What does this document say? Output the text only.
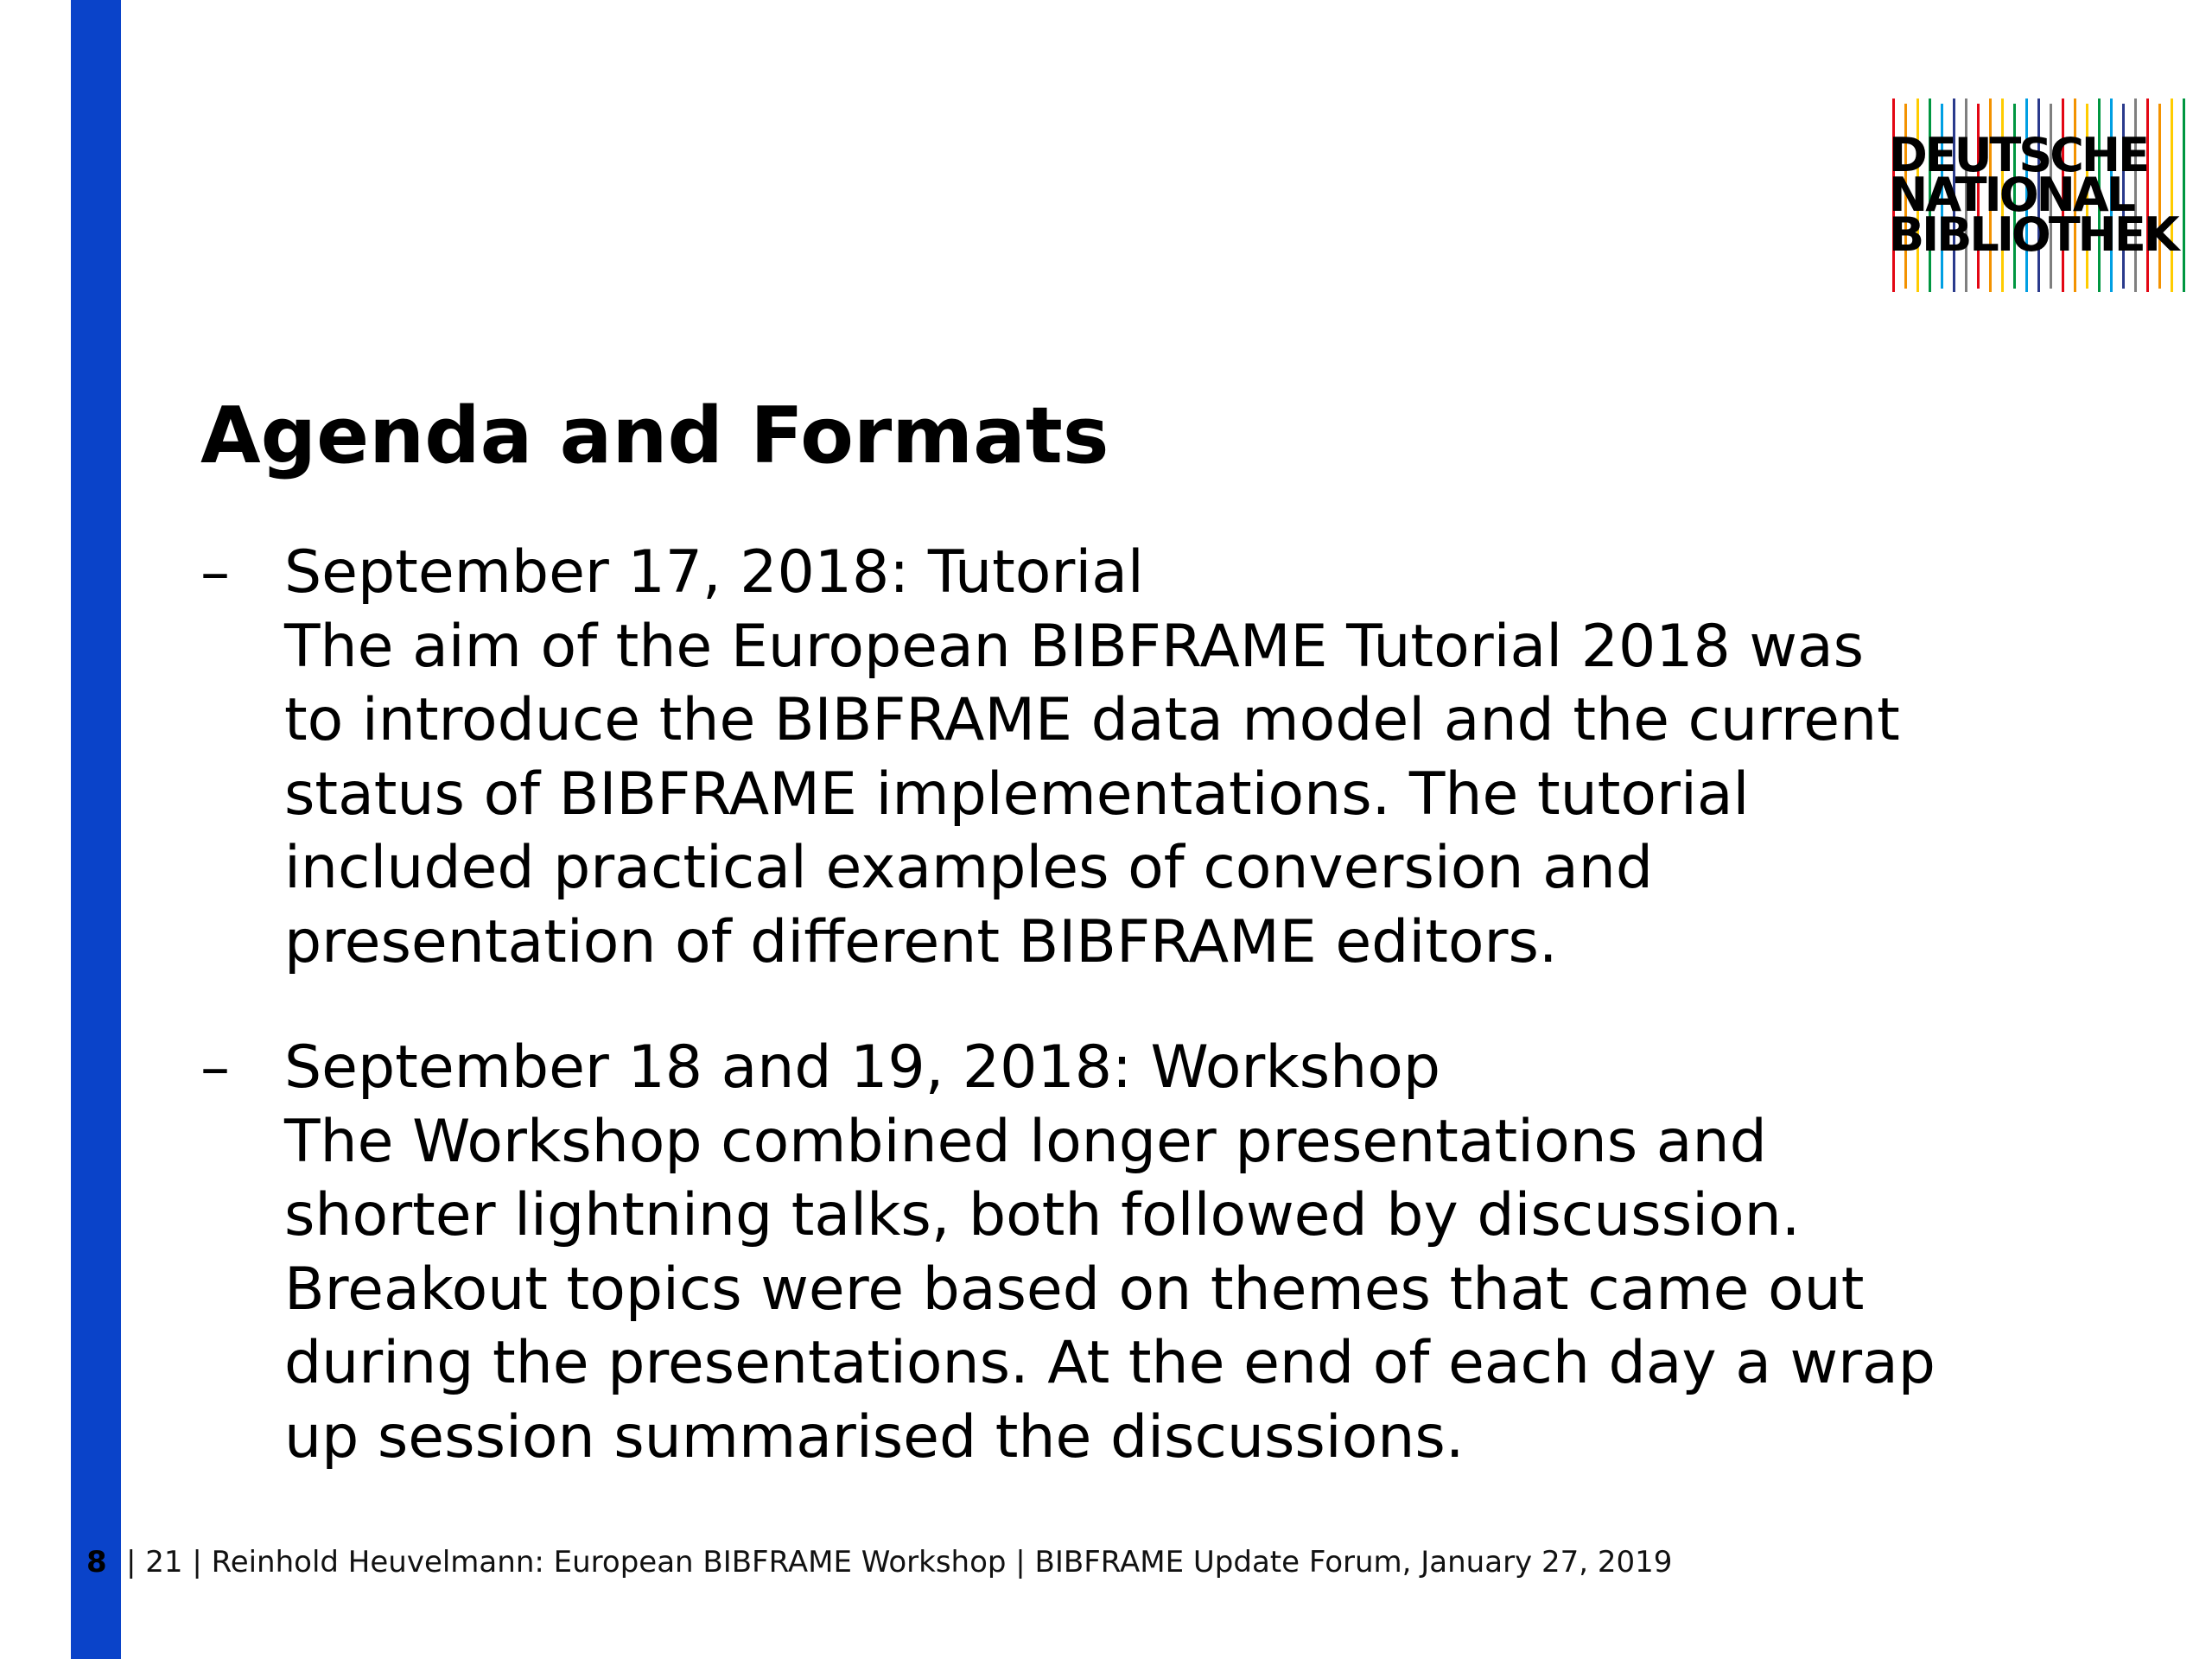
DEUTSCHE
NATIONAL
BIBLIOTHEK
Agenda and Formats
– September 17, 2018: Tutorial
The aim of the European BIBFRAME Tutorial 2018 was
to introduce the BIBFRAME data model and the current
status of BIBFRAME implementations. The tutorial
included practical examples of conversion and
presentation of different BIBFRAME editors.
– September 18 and 19, 2018: Workshop
The Workshop combined longer presentations and
shorter lightning talks, both followed by discussion.
Breakout topics were based on themes that came out
during the presentations. At the end of each day a wrap
up session summarised the discussions.
8 | 21 | Reinhold Heuvelmann: European BIBFRAME Workshop | BIBFRAME Update Forum, January 27, 2019
